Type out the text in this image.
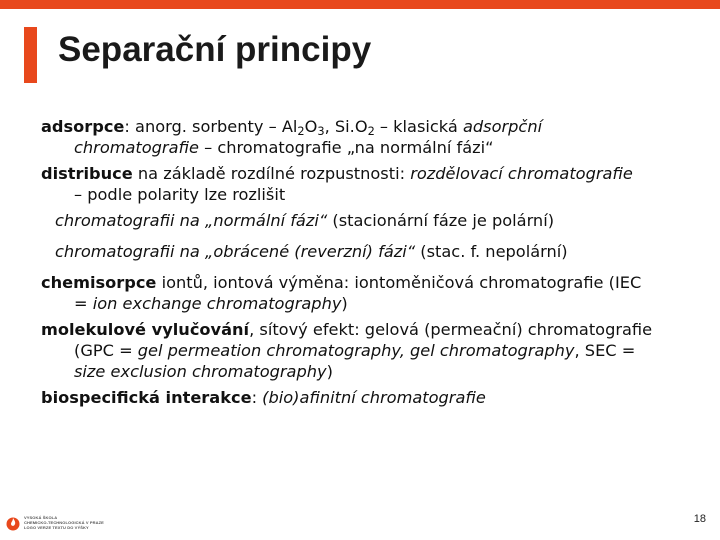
Separační principy
adsorpce: anorg. sorbenty – $Al_2O_3$, $Si.O_2$ – klasická adsorpční
chromatografie – chromatografie „na normální fázi“
distribuce na základě rozdílné rozpustnosti: rozdělovací chromatografie
– podle polarity lze rozlišit
chromatografii na „normální fázi“ (stacionární fáze je polární)
chromatografii na „obrácené (reverzní) fázi“ (stac. f. nepolární)
chemisorpce iontů, iontová výměna: iontoměničová chromatografie (IEC
= ion exchange chromatography)
molekulové vylučování, sítový efekt: gelová (permeační) chromatografie
(GPC = gel permeation chromatography, gel chromatography, SEC =
size exclusion chromatography)
biospecifická interakce: (bio)afinitní chromatografie
VYSOKÁ ŠKOLA
CHEMICKO-TECHNOLOGICKÁ V PRAZE
LOGO VERZE TEXTU DO VÝŠKY
18
